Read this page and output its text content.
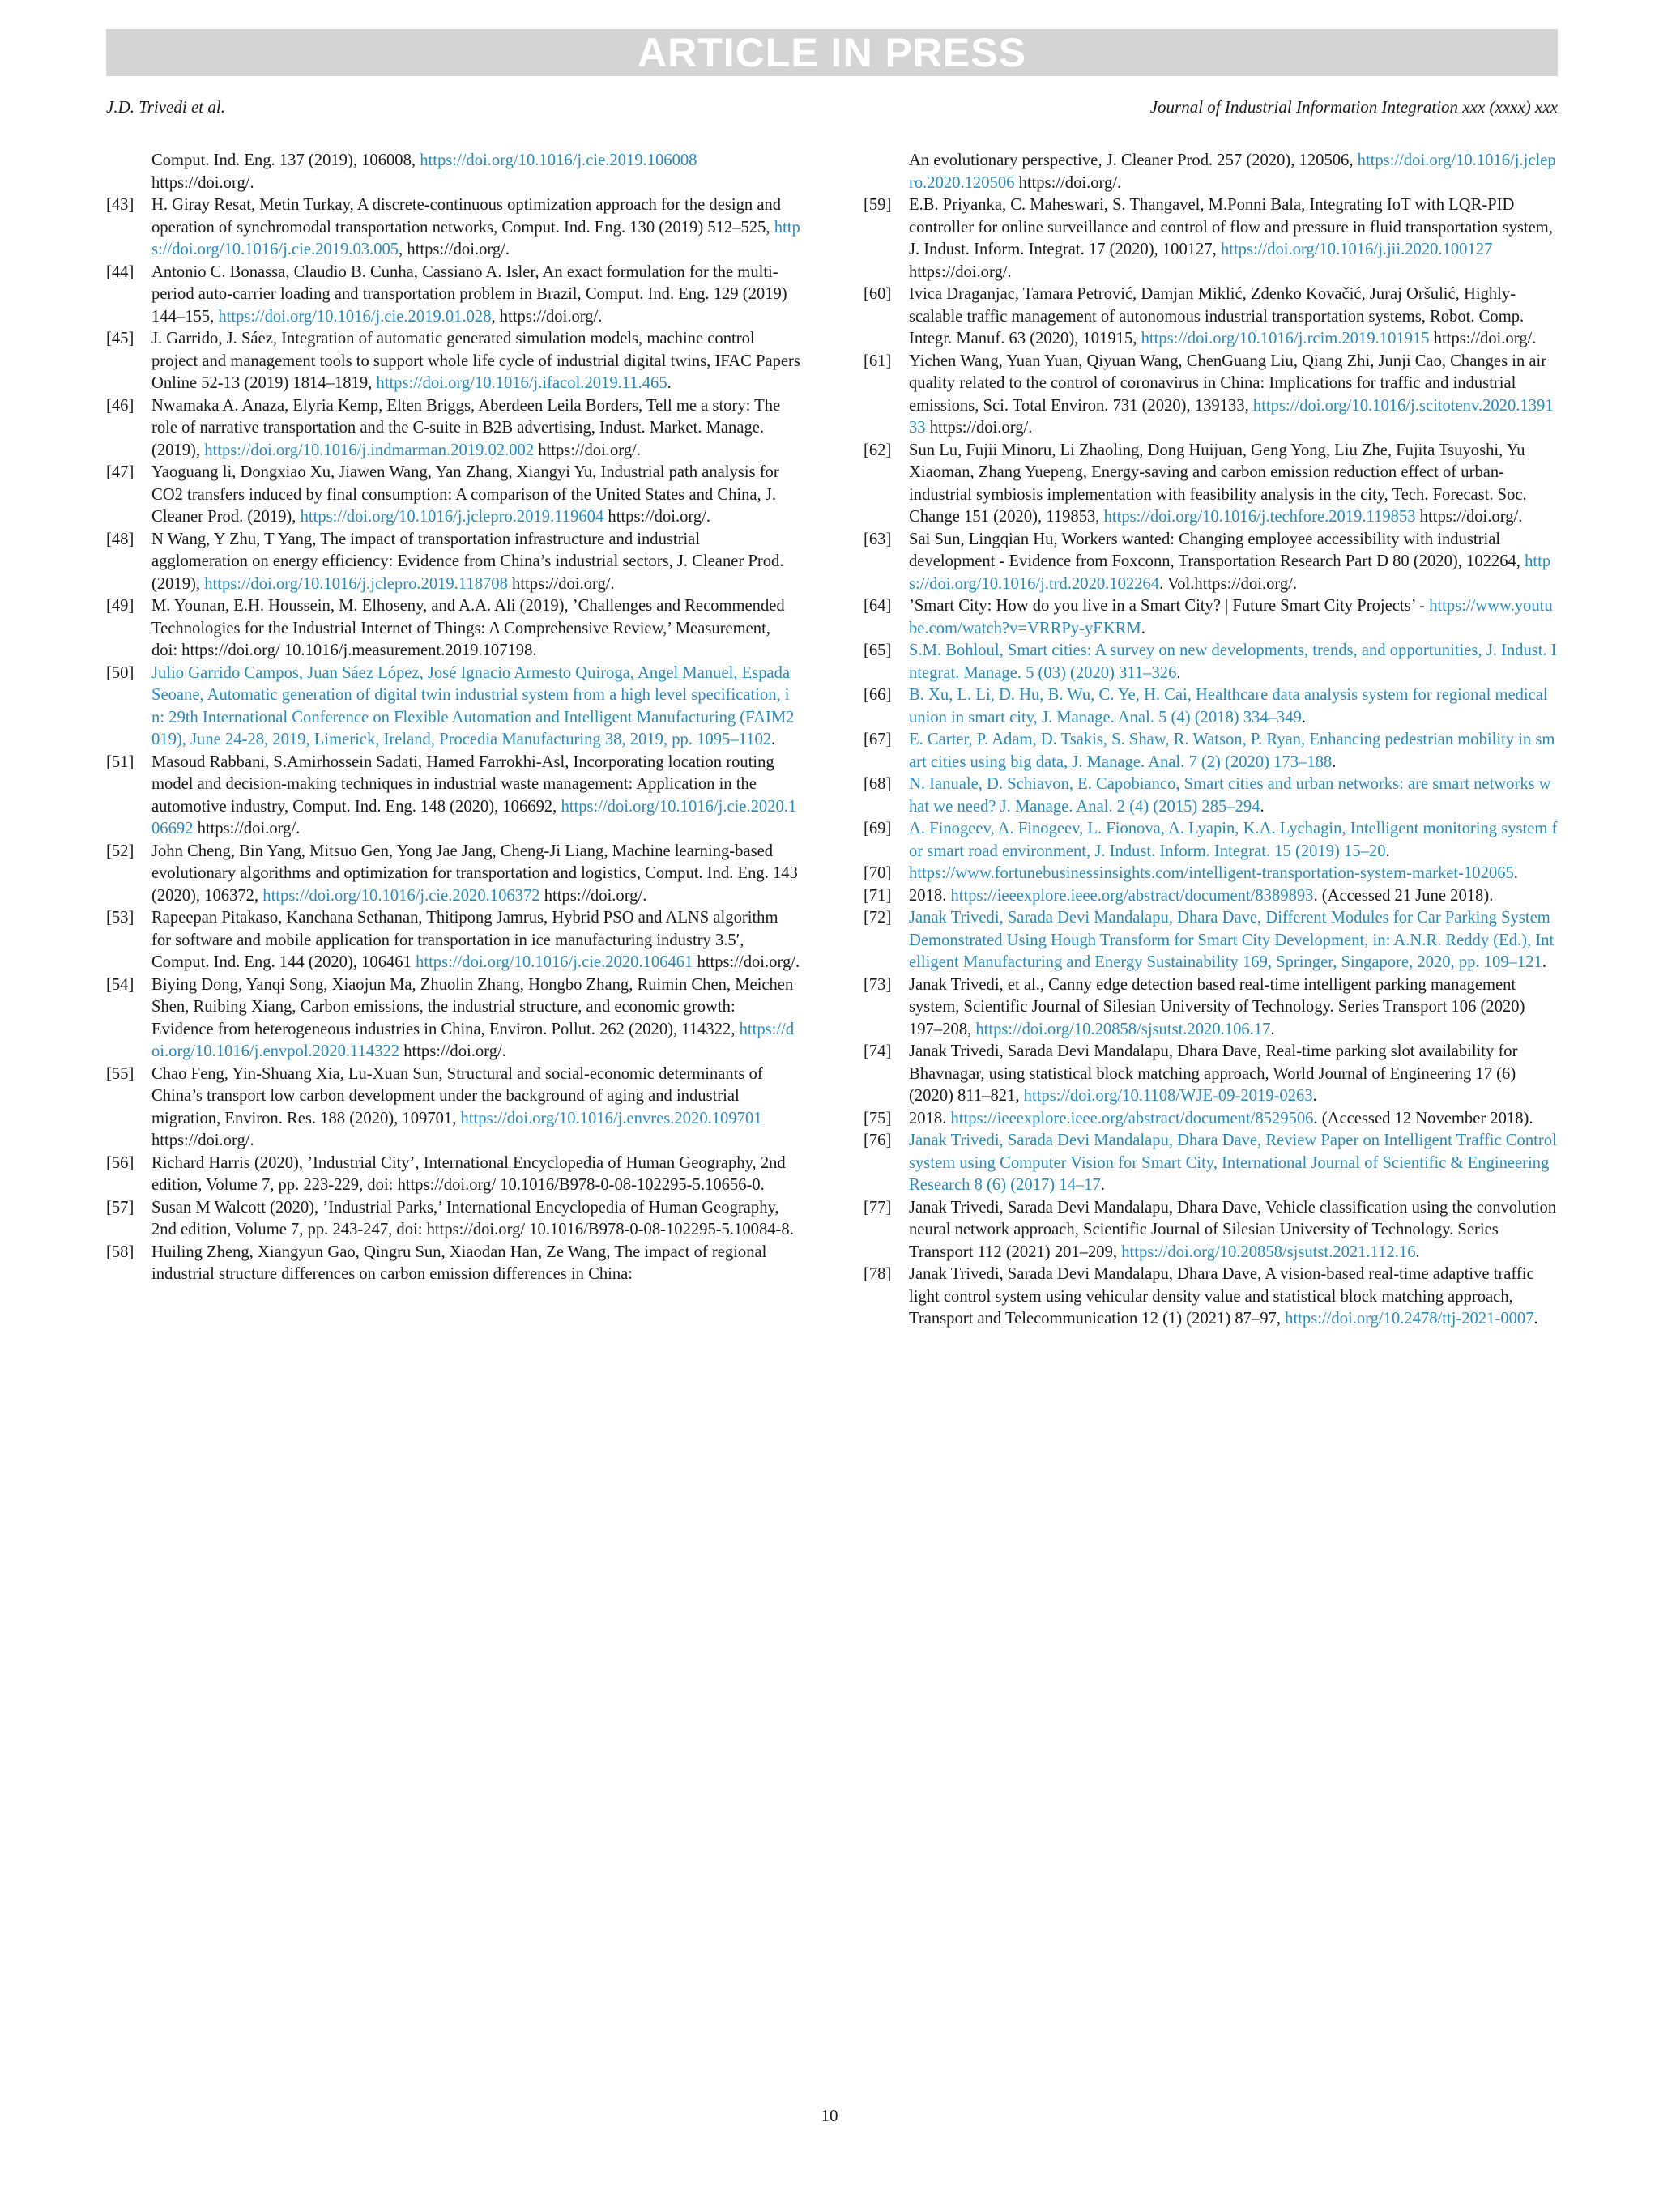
ARTICLE IN PRESS
J.D. Trivedi et al.	Journal of Industrial Information Integration xxx (xxxx) xxx

Comput. Ind. Eng. 137 (2019), 106008, https://doi.org/10.1016/j.cie.2019.106008 https://doi.org/.

[43] H. Giray Resat, Metin Turkay, A discrete-continuous optimization approach for the design and operation of synchromodal transportation networks, Comput. Ind. Eng. 130 (2019) 512–525, https://doi.org/10.1016/j.cie.2019.03.005, https://doi.org/.

[44] Antonio C. Bonassa, Claudio B. Cunha, Cassiano A. Isler, An exact formulation for the multi-period auto-carrier loading and transportation problem in Brazil, Comput. Ind. Eng. 129 (2019) 144–155, https://doi.org/10.1016/j.cie.2019.01.028, https://doi.org/.

[45] J. Garrido, J. Sáez, Integration of automatic generated simulation models, machine control project and management tools to support whole life cycle of industrial digital twins, IFAC Papers Online 52-13 (2019) 1814–1819, https://doi.org/10.1016/j.ifacol.2019.11.465.

[46] Nwamaka A. Anaza, Elyria Kemp, Elten Briggs, Aberdeen Leila Borders, Tell me a story: The role of narrative transportation and the C-suite in B2B advertising, Indust. Market. Manage. (2019), https://doi.org/10.1016/j.indmarman.2019.02.002 https://doi.org/.

[47] Yaoguang li, Dongxiao Xu, Jiawen Wang, Yan Zhang, Xiangyi Yu, Industrial path analysis for CO2 transfers induced by final consumption: A comparison of the United States and China, J. Cleaner Prod. (2019), https://doi.org/10.1016/j.jclepro.2019.119604 https://doi.org/.

[48] N Wang, Y Zhu, T Yang, The impact of transportation infrastructure and industrial agglomeration on energy efficiency: Evidence from China’s industrial sectors, J. Cleaner Prod. (2019), https://doi.org/10.1016/j.jclepro.2019.118708 https://doi.org/.

[49] M. Younan, E.H. Houssein, M. Elhoseny, and A.A. Ali (2019), ’Challenges and Recommended Technologies for the Industrial Internet of Things: A Comprehensive Review,’ Measurement, doi: https://doi.org/ 10.1016/j.measurement.2019.107198.

[50] Julio Garrido Campos, Juan Sáez López, José Ignacio Armesto Quiroga, Angel Manuel, Espada Seoane, Automatic generation of digital twin industrial system from a high level specification, in: 29th International Conference on Flexible Automation and Intelligent Manufacturing (FAIM2019), June 24-28, 2019, Limerick, Ireland, Procedia Manufacturing 38, 2019, pp. 1095–1102.

[51] Masoud Rabbani, S.Amirhossein Sadati, Hamed Farrokhi-Asl, Incorporating location routing model and decision-making techniques in industrial waste management: Application in the automotive industry, Comput. Ind. Eng. 148 (2020), 106692, https://doi.org/10.1016/j.cie.2020.106692 https://doi.org/.

[52] John Cheng, Bin Yang, Mitsuo Gen, Yong Jae Jang, Cheng-Ji Liang, Machine learning-based evolutionary algorithms and optimization for transportation and logistics, Comput. Ind. Eng. 143 (2020), 106372, https://doi.org/10.1016/j.cie.2020.106372 https://doi.org/.

[53] Rapeepan Pitakaso, Kanchana Sethanan, Thitipong Jamrus, Hybrid PSO and ALNS algorithm for software and mobile application for transportation in ice manufacturing industry 3.5′, Comput. Ind. Eng. 144 (2020), 106461 https://doi.org/10.1016/j.cie.2020.106461 https://doi.org/.

[54] Biying Dong, Yanqi Song, Xiaojun Ma, Zhuolin Zhang, Hongbo Zhang, Ruimin Chen, Meichen Shen, Ruibing Xiang, Carbon emissions, the industrial structure, and economic growth: Evidence from heterogeneous industries in China, Environ. Pollut. 262 (2020), 114322, https://doi.org/10.1016/j.envpol.2020.114322 https://doi.org/.

[55] Chao Feng, Yin-Shuang Xia, Lu-Xuan Sun, Structural and social-economic determinants of China’s transport low carbon development under the background of aging and industrial migration, Environ. Res. 188 (2020), 109701, https://doi.org/10.1016/j.envres.2020.109701 https://doi.org/.

[56] Richard Harris (2020), ’Industrial City’, International Encyclopedia of Human Geography, 2nd edition, Volume 7, pp. 223-229, doi: https://doi.org/ 10.1016/B978-0-08-102295-5.10656-0.

[57] Susan M Walcott (2020), ’Industrial Parks,’ International Encyclopedia of Human Geography, 2nd edition, Volume 7, pp. 243-247, doi: https://doi.org/ 10.1016/B978-0-08-102295-5.10084-8.

[58] Huiling Zheng, Xiangyun Gao, Qingru Sun, Xiaodan Han, Ze Wang, The impact of regional industrial structure differences on carbon emission differences in China:

An evolutionary perspective, J. Cleaner Prod. 257 (2020), 120506, https://doi.org/10.1016/j.jclepro.2020.120506 https://doi.org/.

[59] E.B. Priyanka, C. Maheswari, S. Thangavel, M.Ponni Bala, Integrating IoT with LQR-PID controller for online surveillance and control of flow and pressure in fluid transportation system, J. Indust. Inform. Integrat. 17 (2020), 100127, https://doi.org/10.1016/j.jii.2020.100127 https://doi.org/.

[60] Ivica Draganjac, Tamara Petrović, Damjan Miklić, Zdenko Kovačić, Juraj Oršulić, Highly-scalable traffic management of autonomous industrial transportation systems, Robot. Comp. Integr. Manuf. 63 (2020), 101915, https://doi.org/10.1016/j.rcim.2019.101915 https://doi.org/.

[61] Yichen Wang, Yuan Yuan, Qiyuan Wang, ChenGuang Liu, Qiang Zhi, Junji Cao, Changes in air quality related to the control of coronavirus in China: Implications for traffic and industrial emissions, Sci. Total Environ. 731 (2020), 139133, https://doi.org/10.1016/j.scitotenv.2020.139133 https://doi.org/.

[62] Sun Lu, Fujii Minoru, Li Zhaoling, Dong Huijuan, Geng Yong, Liu Zhe, Fujita Tsuyoshi, Yu Xiaoman, Zhang Yuepeng, Energy-saving and carbon emission reduction effect of urban-industrial symbiosis implementation with feasibility analysis in the city, Tech. Forecast. Soc. Change 151 (2020), 119853, https://doi.org/10.1016/j.techfore.2019.119853 https://doi.org/.

[63] Sai Sun, Lingqian Hu, Workers wanted: Changing employee accessibility with industrial development - Evidence from Foxconn, Transportation Research Part D 80 (2020), 102264, https://doi.org/10.1016/j.trd.2020.102264. Vol.https://doi.org/.

[64] ’Smart City: How do you live in a Smart City? | Future Smart City Projects’ - https://www.youtube.com/watch?v=VRRPy-yEKRM.

[65] S.M. Bohloul, Smart cities: A survey on new developments, trends, and opportunities, J. Indust. Integrat. Manage. 5 (03) (2020) 311–326.

[66] B. Xu, L. Li, D. Hu, B. Wu, C. Ye, H. Cai, Healthcare data analysis system for regional medical union in smart city, J. Manage. Anal. 5 (4) (2018) 334–349.

[67] E. Carter, P. Adam, D. Tsakis, S. Shaw, R. Watson, P. Ryan, Enhancing pedestrian mobility in smart cities using big data, J. Manage. Anal. 7 (2) (2020) 173–188.

[68] N. Ianuale, D. Schiavon, E. Capobianco, Smart cities and urban networks: are smart networks what we need? J. Manage. Anal. 2 (4) (2015) 285–294.

[69] A. Finogeev, A. Finogeev, L. Fionova, A. Lyapin, K.A. Lychagin, Intelligent monitoring system for smart road environment, J. Indust. Inform. Integrat. 15 (2019) 15–20.

[70] https://www.fortunebusinessinsights.com/intelligent-transportation-system-market-102065.

[71] 2018. https://ieeexplore.ieee.org/abstract/document/8389893. (Accessed 21 June 2018).

[72] Janak Trivedi, Sarada Devi Mandalapu, Dhara Dave, Different Modules for Car Parking System Demonstrated Using Hough Transform for Smart City Development, in: A.N.R. Reddy (Ed.), Intelligent Manufacturing and Energy Sustainability 169, Springer, Singapore, 2020, pp. 109–121.

[73] Janak Trivedi, et al., Canny edge detection based real-time intelligent parking management system, Scientific Journal of Silesian University of Technology. Series Transport 106 (2020) 197–208, https://doi.org/10.20858/sjsutst.2020.106.17.

[74] Janak Trivedi, Sarada Devi Mandalapu, Dhara Dave, Real-time parking slot availability for Bhavnagar, using statistical block matching approach, World Journal of Engineering 17 (6) (2020) 811–821, https://doi.org/10.1108/WJE-09-2019-0263.

[75] 2018. https://ieeexplore.ieee.org/abstract/document/8529506. (Accessed 12 November 2018).

[76] Janak Trivedi, Sarada Devi Mandalapu, Dhara Dave, Review Paper on Intelligent Traffic Control system using Computer Vision for Smart City, International Journal of Scientific & Engineering Research 8 (6) (2017) 14–17.

[77] Janak Trivedi, Sarada Devi Mandalapu, Dhara Dave, Vehicle classification using the convolution neural network approach, Scientific Journal of Silesian University of Technology. Series Transport 112 (2021) 201–209, https://doi.org/10.20858/sjsutst.2021.112.16.

[78] Janak Trivedi, Sarada Devi Mandalapu, Dhara Dave, A vision-based real-time adaptive traffic light control system using vehicular density value and statistical block matching approach, Transport and Telecommunication 12 (1) (2021) 87–97, https://doi.org/10.2478/ttj-2021-0007.

10
